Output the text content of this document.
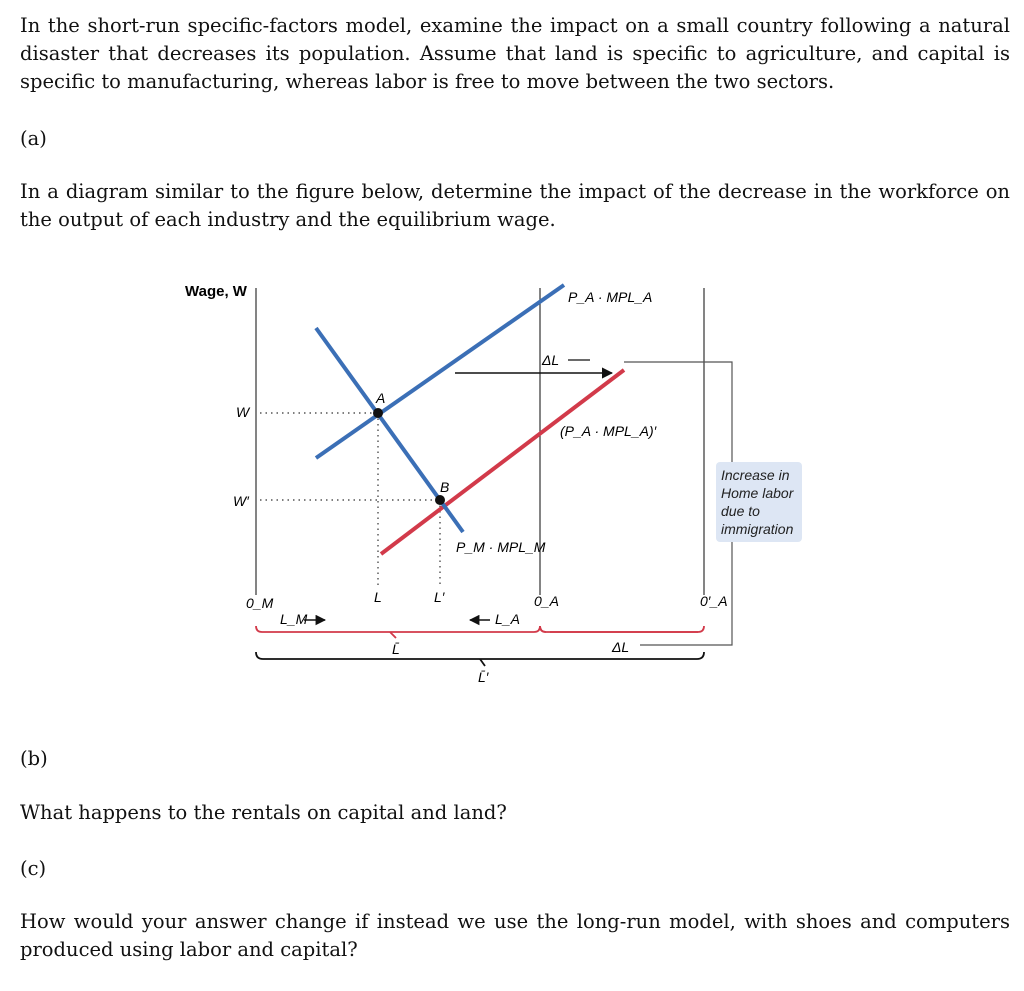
In the short-run specific-factors model, examine the impact on a small country following a natural disaster that decreases its population. Assume that land is specific to agriculture, and capital is specific to manufacturing, whereas labor is free to move between the two sectors.
(a)
In a diagram similar to the figure below, determine the impact of the decrease in the workforce on the output of each industry and the equilibrium wage.
Wage, W
W
W′
A
B
P_A · MPL_A
(P_A · MPL_A)′
P_M · MPL_M
ΔL
0_M	L	L′	0_A	0′_A
L_M	L_A
L̄	ΔL
L̄′
Increase in Home labor due to immigration
(b)
What happens to the rentals on capital and land?
(c)
How would your answer change if instead we use the long-run model, with shoes and computers produced using labor and capital?
